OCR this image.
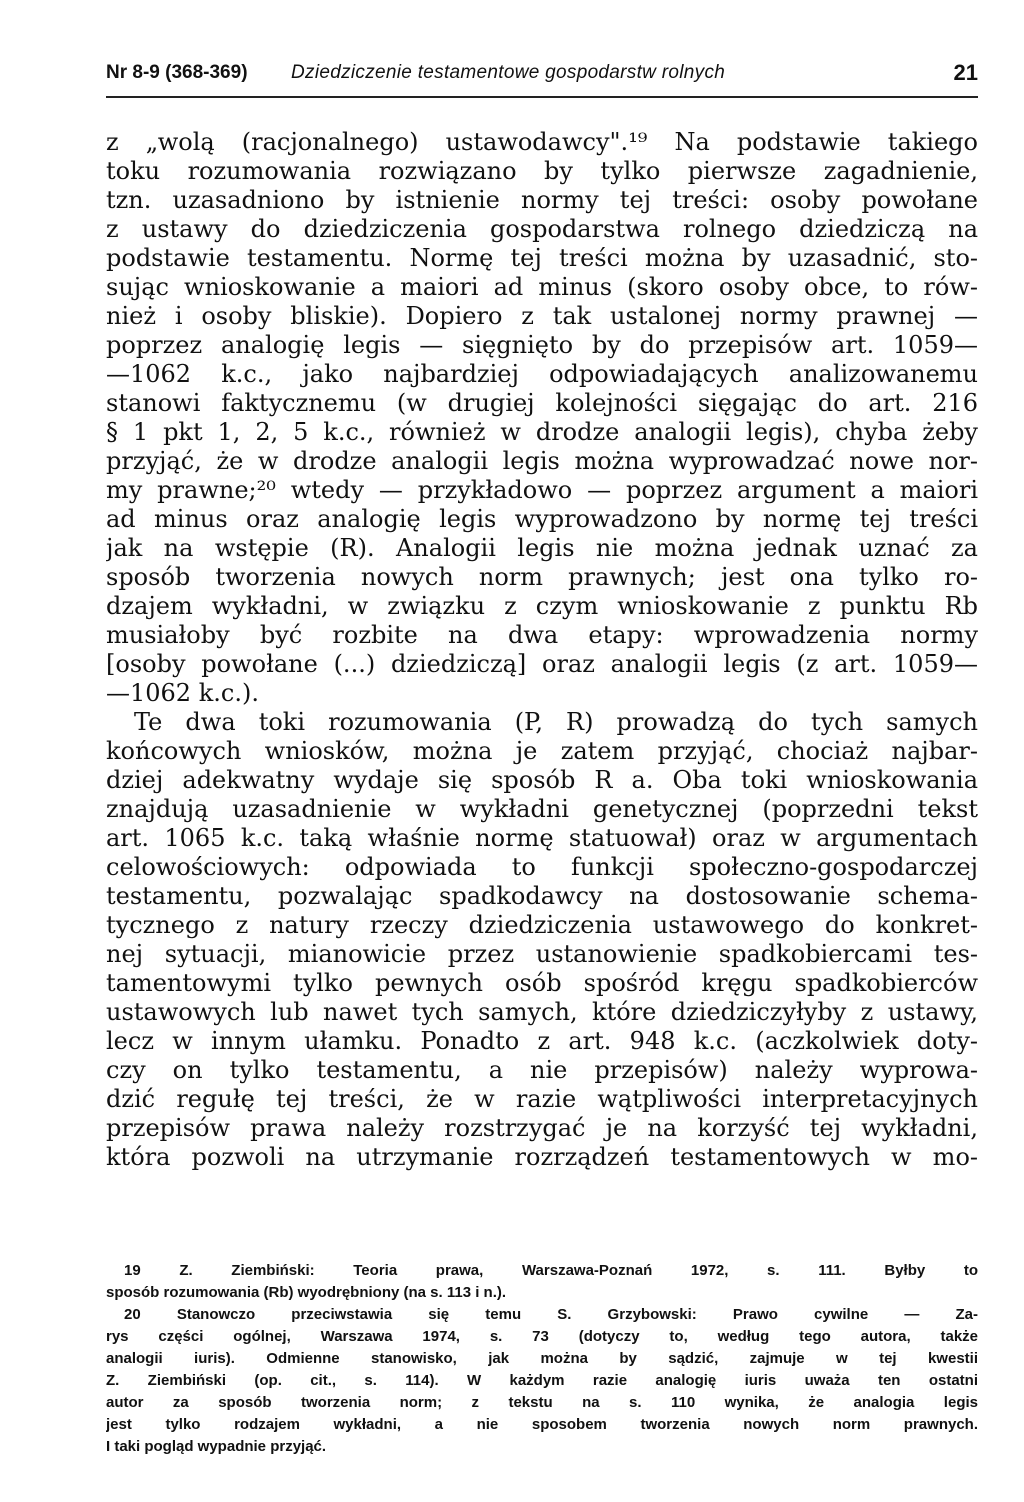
Nr 8-9 (368-369) Dziedziczenie testamentowe gospodarstw rolnych	21
z „wolą (racjonalnego) ustawodawcy".¹⁹ Na podstawie takiego
toku rozumowania rozwiązano by tylko pierwsze zagadnienie,
tzn. uzasadniono by istnienie normy tej treści: osoby powołane
z ustawy do dziedziczenia gospodarstwa rolnego dziedziczą na
podstawie testamentu. Normę tej treści można by uzasadnić, sto-
sując wnioskowanie a maiori ad minus (skoro osoby obce, to rów-
nież i osoby bliskie). Dopiero z tak ustalonej normy prawnej —
poprzez analogię legis — sięgnięto by do przepisów art. 1059—
—1062 k.c., jako najbardziej odpowiadających analizowanemu
stanowi faktycznemu (w drugiej kolejności sięgając do art. 216
§ 1 pkt 1, 2, 5 k.c., również w drodze analogii legis), chyba żeby
przyjąć, że w drodze analogii legis można wyprowadzać nowe nor-
my prawne;²⁰ wtedy — przykładowo — poprzez argument a maiori
ad minus oraz analogię legis wyprowadzono by normę tej treści
jak na wstępie (R). Analogii legis nie można jednak uznać za
sposób tworzenia nowych norm prawnych; jest ona tylko ro-
dzajem wykładni, w związku z czym wnioskowanie z punktu Rb
musiałoby być rozbite na dwa etapy: wprowadzenia normy
[osoby powołane (...) dziedziczą] oraz analogii legis (z art. 1059—
—1062 k.c.).
Te dwa toki rozumowania (P, R) prowadzą do tych samych
końcowych wniosków, można je zatem przyjąć, chociaż najbar-
dziej adekwatny wydaje się sposób R a. Oba toki wnioskowania
znajdują uzasadnienie w wykładni genetycznej (poprzedni tekst
art. 1065 k.c. taką właśnie normę statuował) oraz w argumentach
celowościowych: odpowiada to funkcji społeczno-gospodarczej
testamentu, pozwalając spadkodawcy na dostosowanie schema-
tycznego z natury rzeczy dziedziczenia ustawowego do konkret-
nej sytuacji, mianowicie przez ustanowienie spadkobiercami tes-
tamentowymi tylko pewnych osób spośród kręgu spadkobierców
ustawowych lub nawet tych samych, które dziedziczyłyby z ustawy,
lecz w innym ułamku. Ponadto z art. 948 k.c. (aczkolwiek doty-
czy on tylko testamentu, a nie przepisów) należy wyprowa-
dzić regułę tej treści, że w razie wątpliwości interpretacyjnych
przepisów prawa należy rozstrzygać je na korzyść tej wykładni,
która pozwoli na utrzymanie rozrządzeń testamentowych w mo-
19 Z. Ziembiński: Teoria prawa, Warszawa-Poznań 1972, s. 111. Byłby to
sposób rozumowania (Rb) wyodrębniony (na s. 113 i n.).
20 Stanowczo przeciwstawia się temu S. Grzybowski: Prawo cywilne — Za-
rys części ogólnej, Warszawa 1974, s. 73 (dotyczy to, według tego autora, także
analogii iuris). Odmienne stanowisko, jak można by sądzić, zajmuje w tej kwestii
Z. Ziembiński (op. cit., s. 114). W każdym razie analogię iuris uważa ten ostatni
autor za sposób tworzenia norm; z tekstu na s. 110 wynika, że analogia legis
jest tylko rodzajem wykładni, a nie sposobem tworzenia nowych norm prawnych.
I taki pogląd wypadnie przyjąć.
